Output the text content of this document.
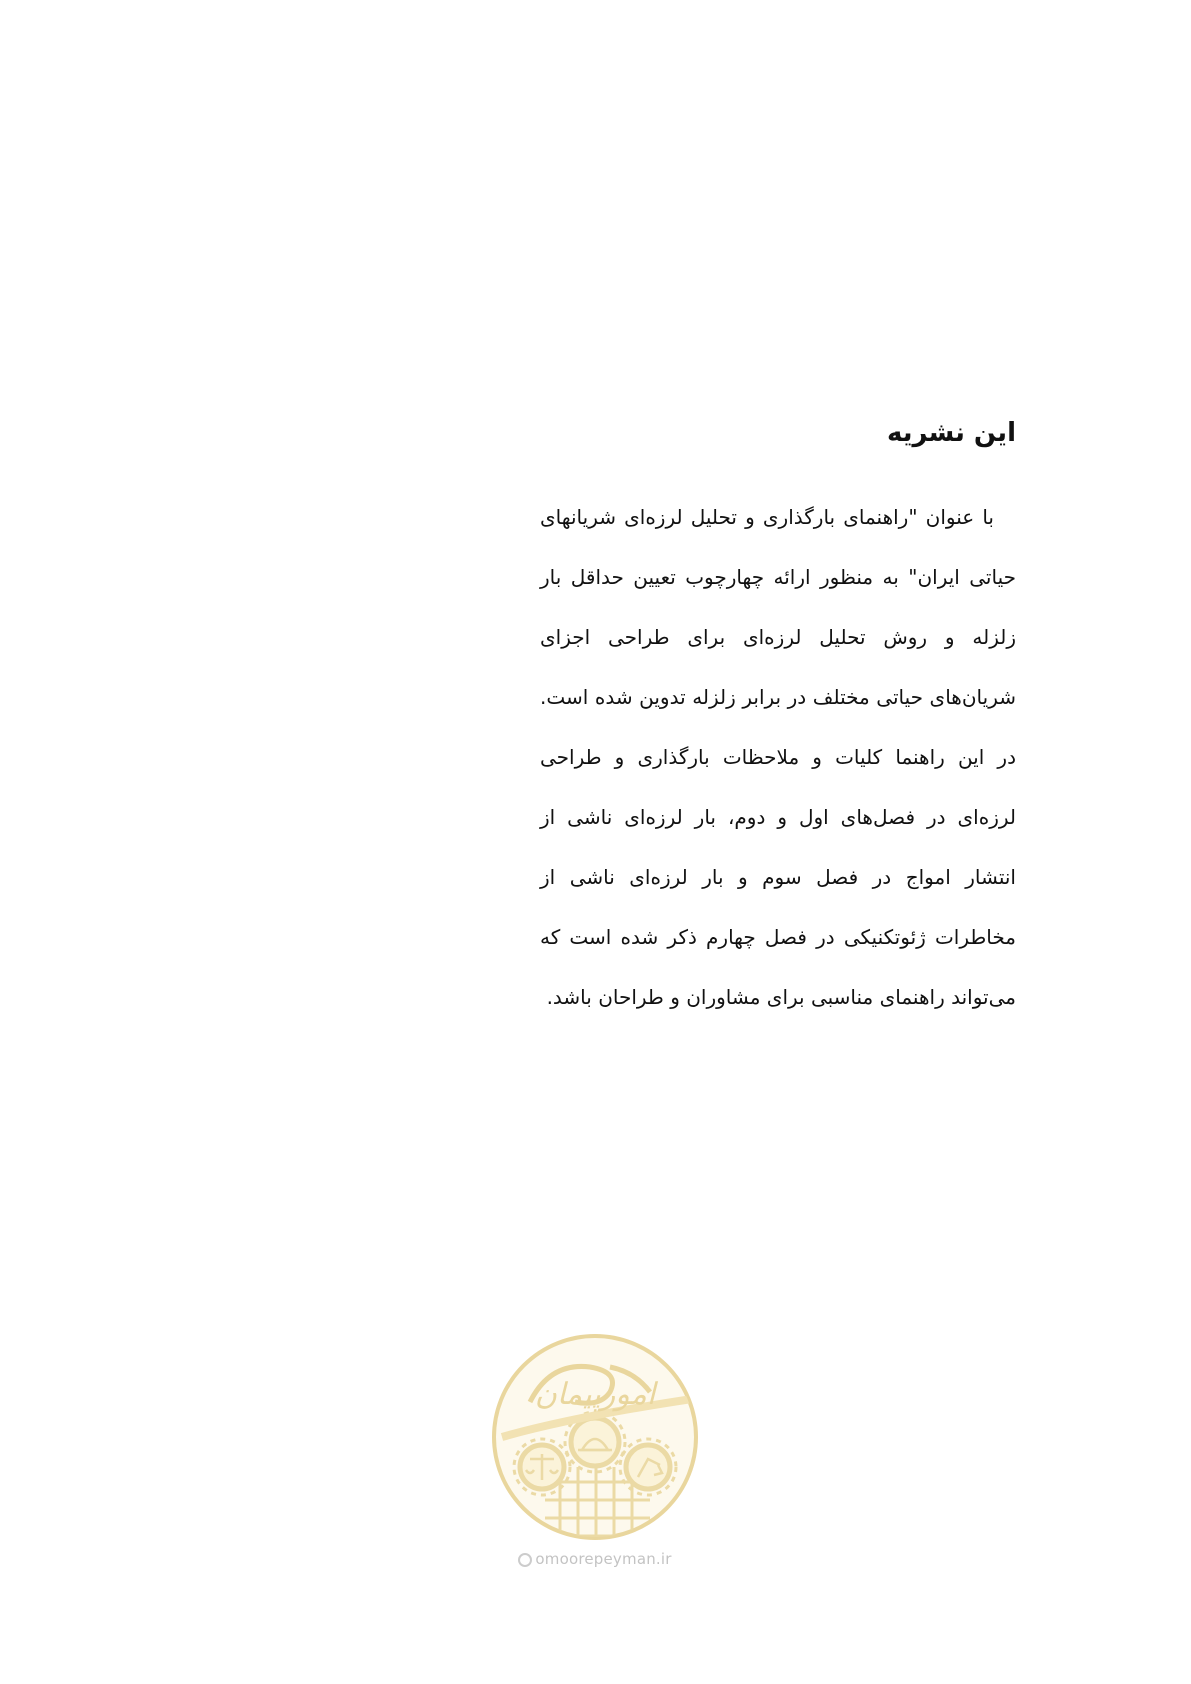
این نشریه

با عنوان "راهنمای بارگذاری و تحلیل لرزه‌ای شریانهای حیاتی ایران" به منظور ارائه چهارچوب تعیین حداقل بار زلزله و روش تحلیل لرزه‌ای برای طراحی اجزای شریان‌های حیاتی مختلف در برابر زلزله تدوین شده است. در این راهنما کلیات و ملاحظات بارگذاری و طراحی لرزه‌ای در فصل‌های اول و دوم، بار لرزه‌ای ناشی از انتشار امواج در فصل سوم و بار لرزه‌ای ناشی از مخاطرات ژئوتکنیکی در فصل چهارم ذکر شده است که می‌تواند راهنمای مناسبی برای مشاوران و طراحان باشد.

امورپیمان
omoorepeyman.ir
